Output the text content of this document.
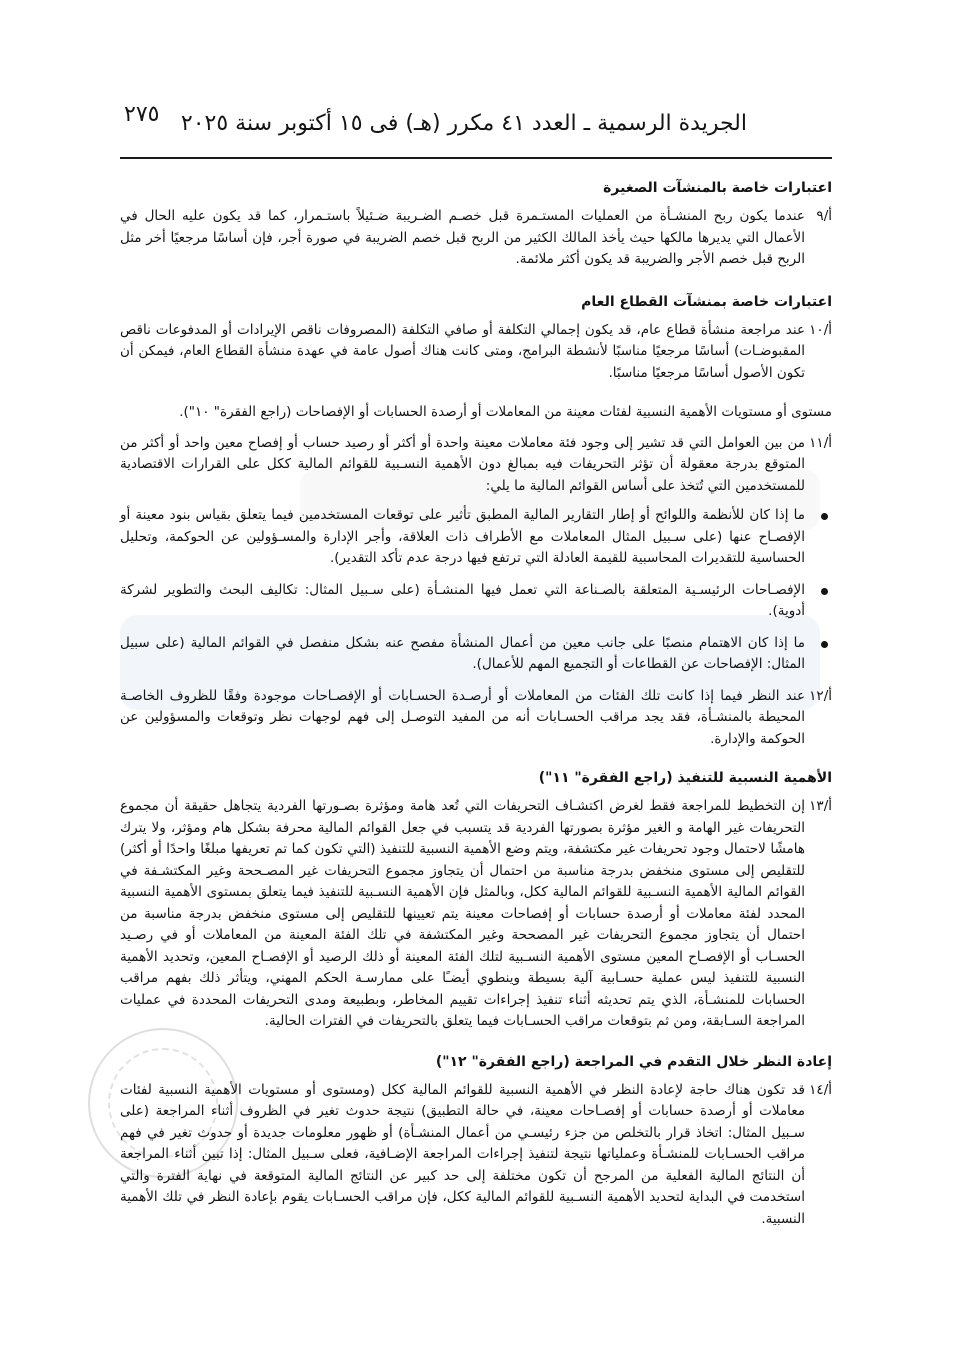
٢٧٥ الجريدة الرسمية ـ العدد ٤١ مكرر (هـ) فى ١٥ أكتوبر سنة ٢٠٢٥
اعتبارات خاصة بالمنشآت الصغيرة
أ/٩
عندما يكون ربح المنشـأة من العمليات المستـمرة قبل خصـم الضـريبة ضـئيلاً باستـمرار، كما قد يكون عليه الحال في الأعمال التي يديرها مالكها حيث يأخذ المالك الكثير من الربح قبل خصم الضريبة في صورة أجر، فإن أساسًا مرجعيًا أخر مثل الربح قبل خصم الأجر والضريبة قد يكون أكثر ملائمة.
اعتبارات خاصة بمنشآت القطاع العام
أ/١٠
عند مراجعة منشأة قطاع عام، قد يكون إجمالي التكلفة أو صافي التكلفة (المصروفات ناقص الإيرادات أو المدفوعات ناقص المقبوضـات) أساسًا مرجعيًا مناسبًا لأنشطة البرامج، ومتى كانت هناك أصول عامة في عهدة منشأة القطاع العام، فيمكن أن تكون الأصول أساسًا مرجعيًا مناسبًا.
مستوى أو مستويات الأهمية النسبية لفئات معينة من المعاملات أو أرصدة الحسابات أو الإفصاحات (راجع الفقرة" ١٠").
أ/١١
من بين العوامل التي قد تشير إلى وجود فئة معاملات معينة واحدة أو أكثر أو رصيد حساب أو إفصاح معين واحد أو أكثر من المتوقع بدرجة معقولة أن تؤثر التحريفات فيه بمبالغ دون الأهمية النسـبية للقوائم المالية ككل على القرارات الاقتصادية للمستخدمين التي تُتخذ على أساس القوائم المالية ما يلي:
ما إذا كان للأنظمة واللوائح أو إطار التقارير المالية المطبق تأثير على توقعات المستخدمين فيما يتعلق بقياس بنود معينة أو الإفصـاح عنها (على سـبيل المثال المعاملات مع الأطراف ذات العلاقة، وأجر الإدارة والمسـؤولين عن الحوكمة، وتحليل الحساسية للتقديرات المحاسبية للقيمة العادلة التي ترتفع فيها درجة عدم تأكد التقدير).
الإفصـاحات الرئيسـية المتعلقة بالصـناعة التي تعمل فيها المنشـأة (على سـبيل المثال: تكاليف البحث والتطوير لشركة أدوية).
ما إذا كان الاهتمام منصبًا على جانب معين من أعمال المنشأة مفصح عنه بشكل منفصل في القوائم المالية (على سبيل المثال: الإفصاحات عن القطاعات أو التجميع المهم للأعمال).
أ/١٢
عند النظر فيما إذا كانت تلك الفئات من المعاملات أو أرصـدة الحسـابات أو الإفصـاحات موجودة وفقًا للظروف الخاصـة المحيطة بالمنشـأة، فقد يجد مراقب الحسـابات أنه من المفيد التوصـل إلى فهم لوجهات نظر وتوقعات والمسؤولين عن الحوكمة والإدارة.
الأهمية النسبية للتنفيذ (راجع الفقرة" ١١")
أ/١٣
إن التخطيط للمراجعة فقط لغرض اكتشـاف التحريفات التي تُعد هامة ومؤثرة بصـورتها الفردية يتجاهل حقيقة أن مجموع التحريفات غير الهامة و الغير مؤثرة بصورتها الفردية قد يتسبب في جعل القوائم المالية محرفة بشكل هام ومؤثر، ولا يترك هامشًا لاحتمال وجود تحريفات غير مكتشفة، ويتم وضع الأهمية النسبية للتنفيذ (التي تكون كما تم تعريفها مبلغًا واحدًا أو أكثر) للتقليص إلى مستوى منخفض بدرجة مناسبة من احتمال أن يتجاوز مجموع التحريفات غير المصـححة وغير المكتشـفة في القوائم المالية الأهمية النسـبية للقوائم المالية ككل، وبالمثل فإن الأهمية النسـبية للتنفيذ فيما يتعلق بمستوى الأهمية النسبية المحدد لفئة معاملات أو أرصدة حسابات أو إفصاحات معينة يتم تعيينها للتقليص إلى مستوى منخفض بدرجة مناسبة من احتمال أن يتجاوز مجموع التحريفات غير المصححة وغير المكتشفة في تلك الفئة المعينة من المعاملات أو في رصـيد الحسـاب أو الإفصـاح المعين مستوى الأهمية النسـبية لتلك الفئة المعينة أو ذلك الرصيد أو الإفصـاح المعين، وتحديد الأهمية النسبية للتنفيذ ليس عملية حسـابية آلية بسيطة وينطوي أيضـًا على ممارسـة الحكم المهني، ويتأثر ذلك بفهم مراقب الحسابات للمنشـأة، الذي يتم تحديثه أثناء تنفيذ إجراءات تقييم المخاطر، وبطبيعة ومدى التحريفات المحددة في عمليات المراجعة السـابقة، ومن ثم بتوقعات مراقب الحسـابات فيما يتعلق بالتحريفات في الفترات الحالية.
إعادة النظر خلال التقدم في المراجعة (راجع الفقرة" ١٢")
أ/١٤
قد تكون هناك حاجة لإعادة النظر في الأهمية النسبية للقوائم المالية ككل (ومستوى أو مستويات الأهمية النسبية لفئات معاملات أو أرصدة حسابات أو إفصـاحات معينة، في حالة التطبيق) نتيجة حدوث تغير في الظروف أثناء المراجعة (على سـبيل المثال: اتخاذ قرار بالتخلص من جزء رئيسـي من أعمال المنشـأة) أو ظهور معلومات جديدة أو حدوث تغير في فهم مراقب الحسـابات للمنشـأة وعملياتها نتيجة لتنفيذ إجراءات المراجعة الإضـافية، فعلى سـبيل المثال: إذا تبين أثناء المراجعة أن النتائج المالية الفعلية من المرجح أن تكون مختلفة إلى حد كبير عن النتائج المالية المتوقعة في نهاية الفترة والتي استخدمت في البداية لتحديد الأهمية النسـبية للقوائم المالية ككل، فإن مراقب الحسـابات يقوم بإعادة النظر في تلك الأهمية النسبية.
